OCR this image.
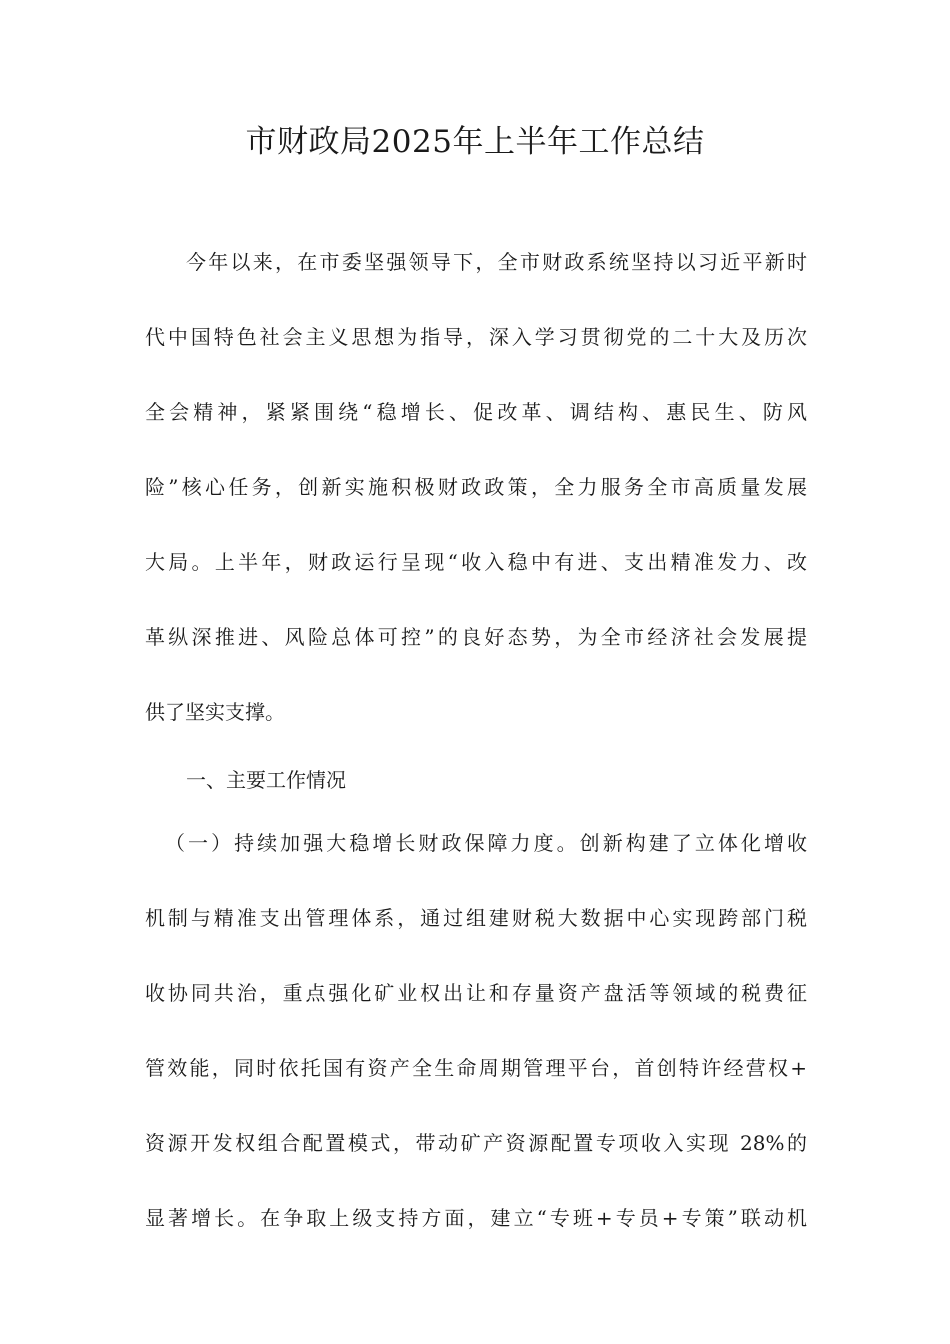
市财政局2025年上半年工作总结

今年以来，在市委坚强领导下，全市财政系统坚持以习近平新时
代中国特色社会主义思想为指导，深入学习贯彻党的二十大及历次
全会精神，紧紧围绕“稳增长、促改革、调结构、惠民生、防风
险”核心任务，创新实施积极财政政策，全力服务全市高质量发展
大局。上半年，财政运行呈现“收入稳中有进、支出精准发力、改
革纵深推进、风险总体可控”的良好态势，为全市经济社会发展提
供了坚实支撑。

一、主要工作情况

（一）持续加强大稳增长财政保障力度。创新构建了立体化增收
机制与精准支出管理体系，通过组建财税大数据中心实现跨部门税
收协同共治，重点强化矿业权出让和存量资产盘活等领域的税费征
管效能，同时依托国有资产全生命周期管理平台，首创特许经营权+
资源开发权组合配置模式，带动矿产资源配置专项收入实现 28%的
显著增长。在争取上级支持方面，建立“专班+专员+专策”联动机
